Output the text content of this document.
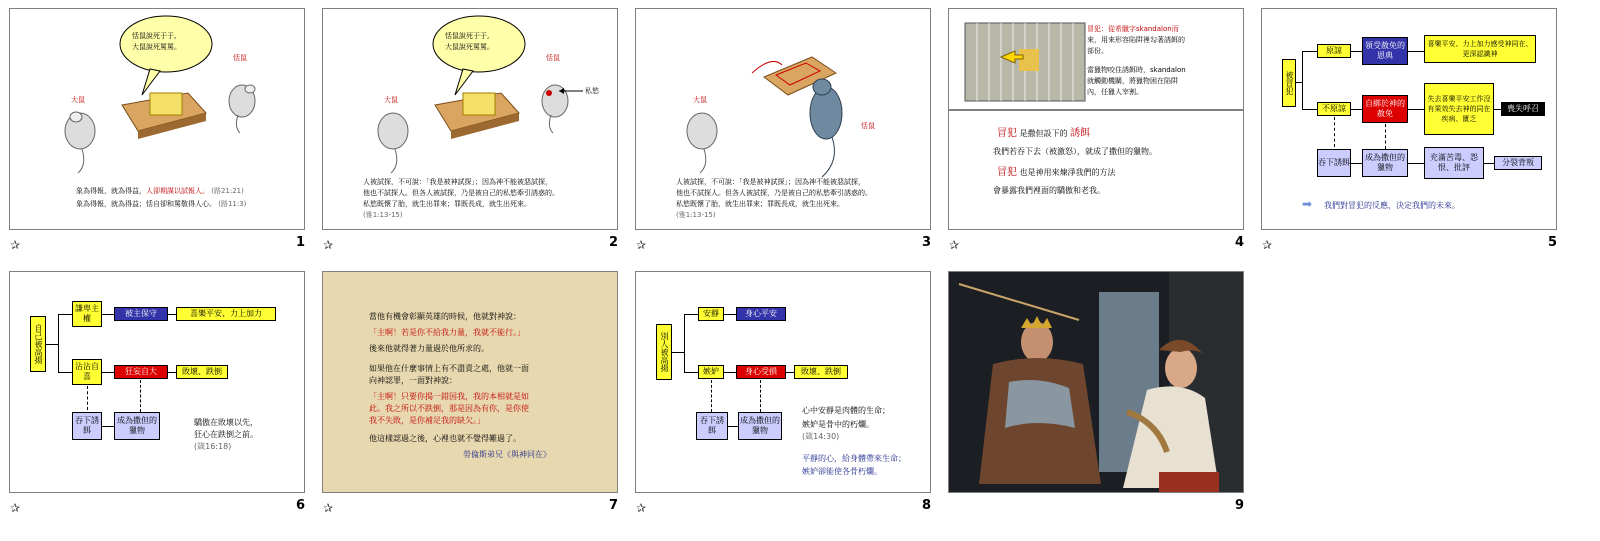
恬鼠說死于于,
大鼠說死罵罵。
大鼠
恬鼠
象為得報，就為得益，人卻期謀以試報人。 (路21:21)
象為得報，就為得益；恬自卻和罵敬得人心。 (路11:3)
✰	1
恬鼠說死于于,
大鼠說死罵罵。
大鼠
恬鼠
私慾
人被試探，不可說：「我是被神試探」；因為神不能被惡試探，
他也不試探人。但各人被試探，乃是被自己的私慾牽引誘惑的。
私慾既懷了胎，就生出罪來；罪既長成，就生出死來。
(雅1:13-15)
✰	2
大鼠
恬鼠
人被試探，不可說：「我是被神試探」；因為神不能被惡試探，
他也不試探人。但各人被試探，乃是被自己的私慾牽引誘惑的。
私慾既懷了胎，就生出罪來；罪既長成，就生出死來。
(雅1:13-15)
✰	3
冒犯：從希臘字skandalon而
來，用來形容陷阱裡勾著誘餌的
部份。
當獵物咬住誘餌時，skandalon
就觸動機關，將獵物困在陷阱
內，任獵人宰割。
冒犯 是撒但設下的 誘餌
我們若吞下去（被激怒），就成了撒但的獵物。
冒犯 也是神用來煉淨我們的方法
會暴露我們裡面的驕傲和老我。
✰	4
被冒犯
原諒
領受赦免的恩典
喜樂平安、力上加力感受神同在、更深認識神
不原諒
自綁於神的赦免
失去喜樂平安工作沒有果效失去神的同在疾病、匱乏
喪失呼召
吞下誘餌
成為撒但的獵物
充滿苦毒、怨恨、批評
分裂背叛
➡ 我們對冒犯的反應，決定我們的未來。
✰	5
自己被高揚
謙卑主權
被主保守	喜樂平安、力上加力
沾沾自喜
狂妄自大	敗壞、跌倒
吞下誘餌
成為撒但的獵物
驕傲在敗壞以先，
狂心在跌倒之前。
(箴16:18)
✰	6
當他有機會彰顯英雄的時候，他就對神說：
「主啊！若是你不給我力量，我就不能行。」
後來他就得著力量過於他所求的。
如果他在什麼事情上有不盡責之處，他就一面
向神認罪，一面對神說：
「主啊！只要你揭一錯因我，我的本相就是如
此。我之所以不跌倒，那是因為有你，是你使
我不失敗，是你補足我的缺欠。」
他這樣認過之後，心裡也就不覺得難過了。
勞倫斯弟兄《與神同在》
✰	7
別人被高揚
安靜	身心平安
嫉妒	身心受損	敗壞、跌倒
吞下誘餌
成為撒但的獵物
心中安靜是肉體的生命；
嫉妒是骨中的朽爛。
(箴14:30)
平靜的心，給身體帶來生命；
嫉妒卻能使各骨朽爛。
✰	8	9
